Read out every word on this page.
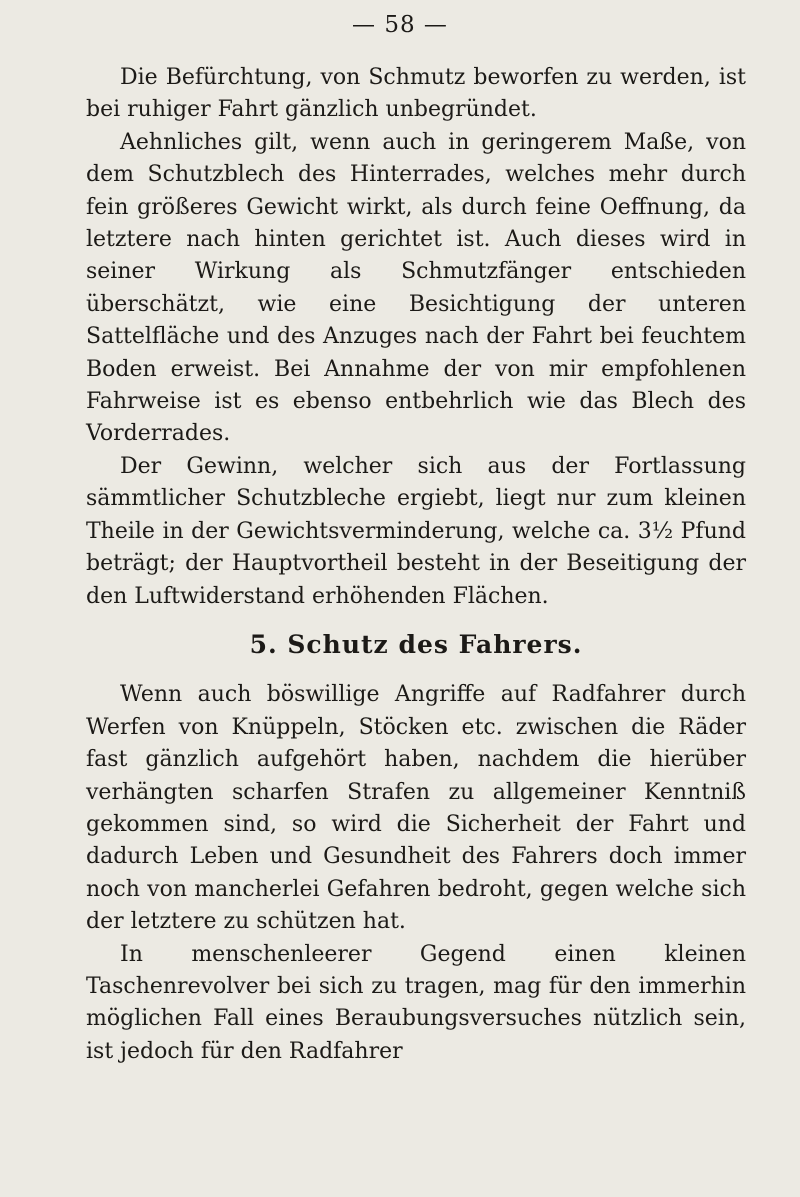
— 58 —

Die Befürchtung, von Schmutz beworfen zu werden, ist bei ruhiger Fahrt gänzlich unbegründet.

Aehnliches gilt, wenn auch in geringerem Maße, von dem Schutzblech des Hinterrades, welches mehr durch fein größeres Gewicht wirkt, als durch feine Oeffnung, da letztere nach hinten gerichtet ist. Auch dieses wird in seiner Wirkung als Schmutzfänger entschieden überschätzt, wie eine Besichtigung der unteren Sattelfläche und des Anzuges nach der Fahrt bei feuchtem Boden erweist. Bei Annahme der von mir empfohlenen Fahrweise ist es ebenso entbehrlich wie das Blech des Vorderrades.

Der Gewinn, welcher sich aus der Fortlassung sämmtlicher Schutzbleche ergiebt, liegt nur zum kleinen Theile in der Gewichtsverminderung, welche ca. 3½ Pfund beträgt; der Hauptvortheil besteht in der Beseitigung der den Luftwiderstand erhöhenden Flächen.

5. Schutz des Fahrers.

Wenn auch böswillige Angriffe auf Radfahrer durch Werfen von Knüppeln, Stöcken etc. zwischen die Räder fast gänzlich aufgehört haben, nachdem die hierüber verhängten scharfen Strafen zu allgemeiner Kenntniß gekommen sind, so wird die Sicherheit der Fahrt und dadurch Leben und Gesundheit des Fahrers doch immer noch von mancherlei Gefahren bedroht, gegen welche sich der letztere zu schützen hat.

In menschenleerer Gegend einen kleinen Taschenrevolver bei sich zu tragen, mag für den immerhin möglichen Fall eines Beraubungsversuches nützlich sein, ist jedoch für den Radfahrer
